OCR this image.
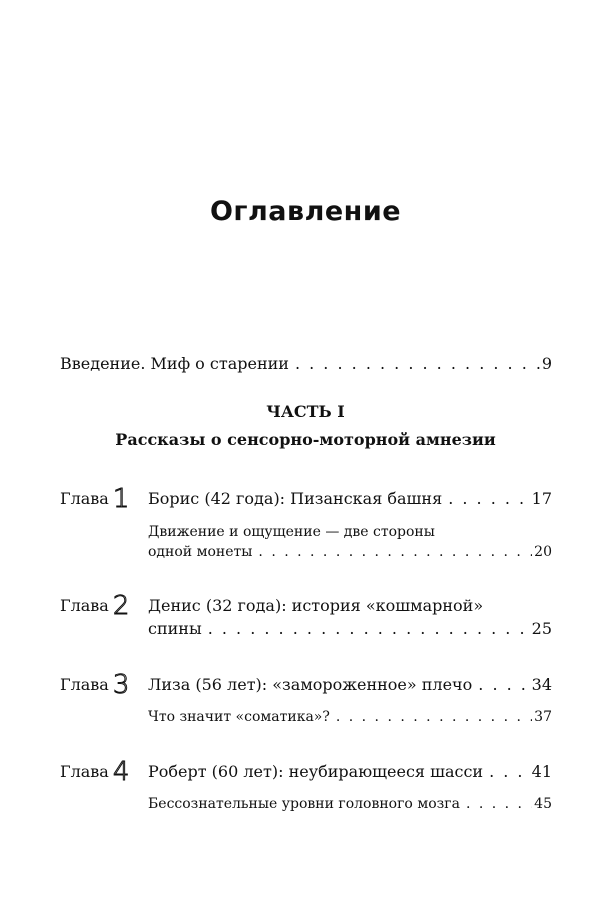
Оглавление
Введение. Миф о старении . . .	9
ЧАСТЬ I
Рассказы о сенсорно-моторной амнезии
Глава 1 Борис (42 года): Пизанская башня . . .	17
Движение и ощущение — две стороны
одной монеты . . .	20
Глава 2 Денис (32 года): история «кошмарной»
спины . . .	25
Глава 3 Лиза (56 лет): «замороженное» плечо . . .	34
Что значит «соматика»? . . .	37
Глава 4 Роберт (60 лет): неубирающееся шасси . . .	41
Бессознательные уровни головного мозга . . .	45
